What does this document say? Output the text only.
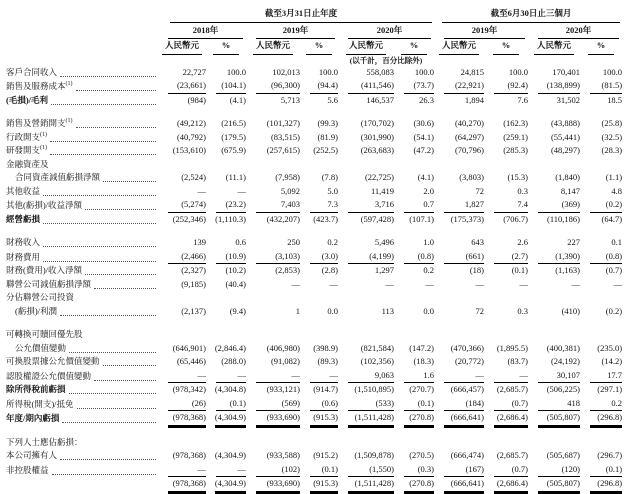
	截至3月31日止年度						截至6月30日止三個月			

	2018年		2019年		2020年		2019年		2020年	

	人民幣元	%	人民幣元	%	人民幣元	%	人民幣元	%	人民幣元	%
					(以千計，百分比除外)					

客戶合同收入	22,727	100.0	102,013	100.0	558,083	100.0	24,815	100.0	170,401	100.0

銷售及服務成本$^{(1)}$	(23,661)	(104.1)	(96,300)	(94.4)	(411,546)	(73.7)	(22,921)	(92.4)	(138,899)	(81.5)

(毛損)/毛利	(984)	(4.1)	5,713	5.6	146,537	26.3	1,894	7.6	31,502	18.5

銷售及營銷開支$^{(1)}$	(49,212)	(216.5)	(101,327)	(99.3)	(170,702)	(30.6)	(40,270)	(162.3)	(43,888)	(25.8)

行政開支$^{(1)}$	(40,792)	(179.5)	(83,515)	(81.9)	(301,990)	(54.1)	(64,297)	(259.1)	(55,441)	(32.5)

研發開支$^{(1)}$	(153,610)	(675.9)	(257,615)	(252.5)	(263,683)	(47.2)	(70,796)	(285.3)	(48,297)	(28.3)

金融資產及										

合同資產減值虧損淨額	(2,524)	(11.1)	(7,958)	(7.8)	(22,725)	(4.1)	(3,803)	(15.3)	(1,840)	(1.1)

其他收益	—	—	5,092	5.0	11,419	2.0	72	0.3	8,147	4.8

其他(虧損)/收益淨額	(5,274)	(23.2)	7,403	7.3	3,716	0.7	1,827	7.4	(369)	(0.2)

經營虧損	(252,346)	(1,110.3)	(432,207)	(423.7)	(597,428)	(107.1)	(175,373)	(706.7)	(110,186)	(64.7)

財務收入	139	0.6	250	0.2	5,496	1.0	643	2.6	227	0.1

財務費用	(2,466)	(10.9)	(3,103)	(3.0)	(4,199)	(0.8)	(661)	(2.7)	(1,390)	(0.8)

財務(費用)/收入淨額	(2,327)	(10.2)	(2,853)	(2.8)	1,297	0.2	(18)	(0.1)	(1,163)	(0.7)

聯營公司減值虧損淨額	(9,185)	(40.4)	—	—	—	—	—	—	—	—

分佔聯營公司投資										

(虧損)/利潤	(2,137)	(9.4)	1	0.0	113	0.0	72	0.3	(410)	(0.2)

可轉換可贖回優先股										

公允價值變動	(646,901)	(2,846.4)	(406,980)	(398.9)	(821,584)	(147.2)	(470,366)	(1,895.5)	(400,381)	(235.0)

可換股票據公允價值變動	(65,446)	(288.0)	(91,082)	(89.3)	(102,356)	(18.3)	(20,772)	(83.7)	(24,192)	(14.2)

認股權證公允價值變動	—	—	—	—	9,063	1.6	—	—	30,107	17.7

除所得稅前虧損	(978,342)	(4,304.8)	(933,121)	(914.7)	(1,510,895)	(270.7)	(666,457)	(2,685.7)	(506,225)	(297.1)

所得稅(開支)/抵免	(26)	(0.1)	(569)	(0.6)	(533)	(0.1)	(184)	(0.7)	418	0.2

年度/期內虧損	(978,368)	(4,304.9)	(933,690)	(915.3)	(1,511,428)	(270.8)	(666,641)	(2,686.4)	(505,807)	(296.8)

下列人士應佔虧損：										

本公司擁有人	(978,368)	(4,304.9)	(933,588)	(915.2)	(1,509,878)	(270.5)	(666,474)	(2,685.7)	(505,687)	(296.7)

非控股權益	—	—	(102)	(0.1)	(1,550)	(0.3)	(167)	(0.7)	(120)	(0.1)

	(978,368)	(4,304.9)	(933,690)	(915.3)	(1,511,428)	(270.8)	(666,641)	(2,686.4)	(505,807)	(296.8)
